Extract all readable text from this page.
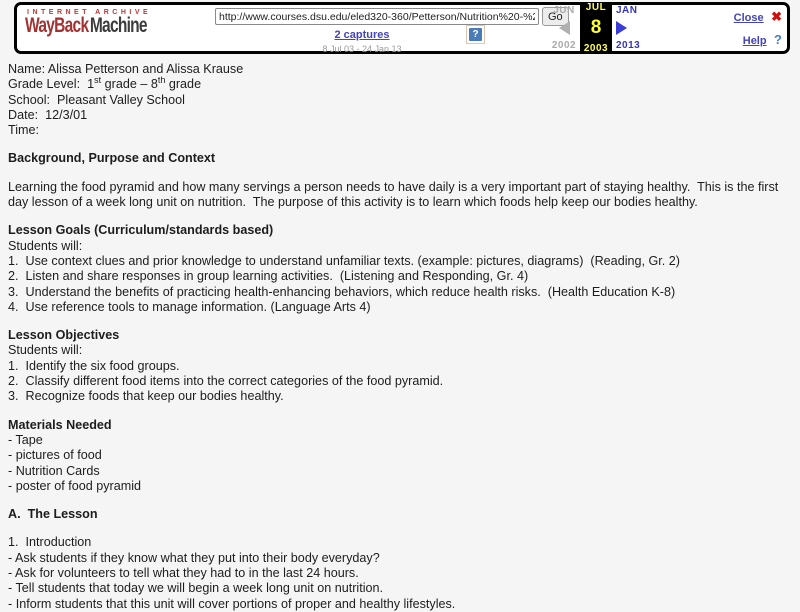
INTERNET ARCHIVE
WayBackMachine
http://www.courses.dsu.edu/eled320-360/Petterson/Nutrition%20-%20Food%20P	Go
2 captures
8 Jul 03 - 24 Jan 13
?
JUN
2002
JUL
8
2003
JAN
2013
Close ✖
Help ?
Name: Alissa Petterson and Alissa Krause
Grade Level:  1st grade – 8th grade
School:  Pleasant Valley School
Date:  12/3/01
Time:
Background, Purpose and Context
Learning the food pyramid and how many servings a person needs to have daily is a very important part of staying healthy.  This is the first day lesson of a week long unit on nutrition.  The purpose of this activity is to learn which foods help keep our bodies healthy.
Lesson Goals (Curriculum/standards based)
Students will:
1.  Use context clues and prior knowledge to understand unfamiliar texts. (example: pictures, diagrams)  (Reading, Gr. 2)
2.  Listen and share responses in group learning activities.  (Listening and Responding, Gr. 4)
3.  Understand the benefits of practicing health-enhancing behaviors, which reduce health risks.  (Health Education K-8)
4.  Use reference tools to manage information. (Language Arts 4)
Lesson Objectives
Students will:
1.  Identify the six food groups.
2.  Classify different food items into the correct categories of the food pyramid.
3.  Recognize foods that keep our bodies healthy.
Materials Needed
- Tape
- pictures of food
- Nutrition Cards
- poster of food pyramid
A.  The Lesson
1.  Introduction
- Ask students if they know what they put into their body everyday?
- Ask for volunteers to tell what they had to in the last 24 hours.
- Tell students that today we will begin a week long unit on nutrition.
- Inform students that this unit will cover portions of proper and healthy lifestyles.
